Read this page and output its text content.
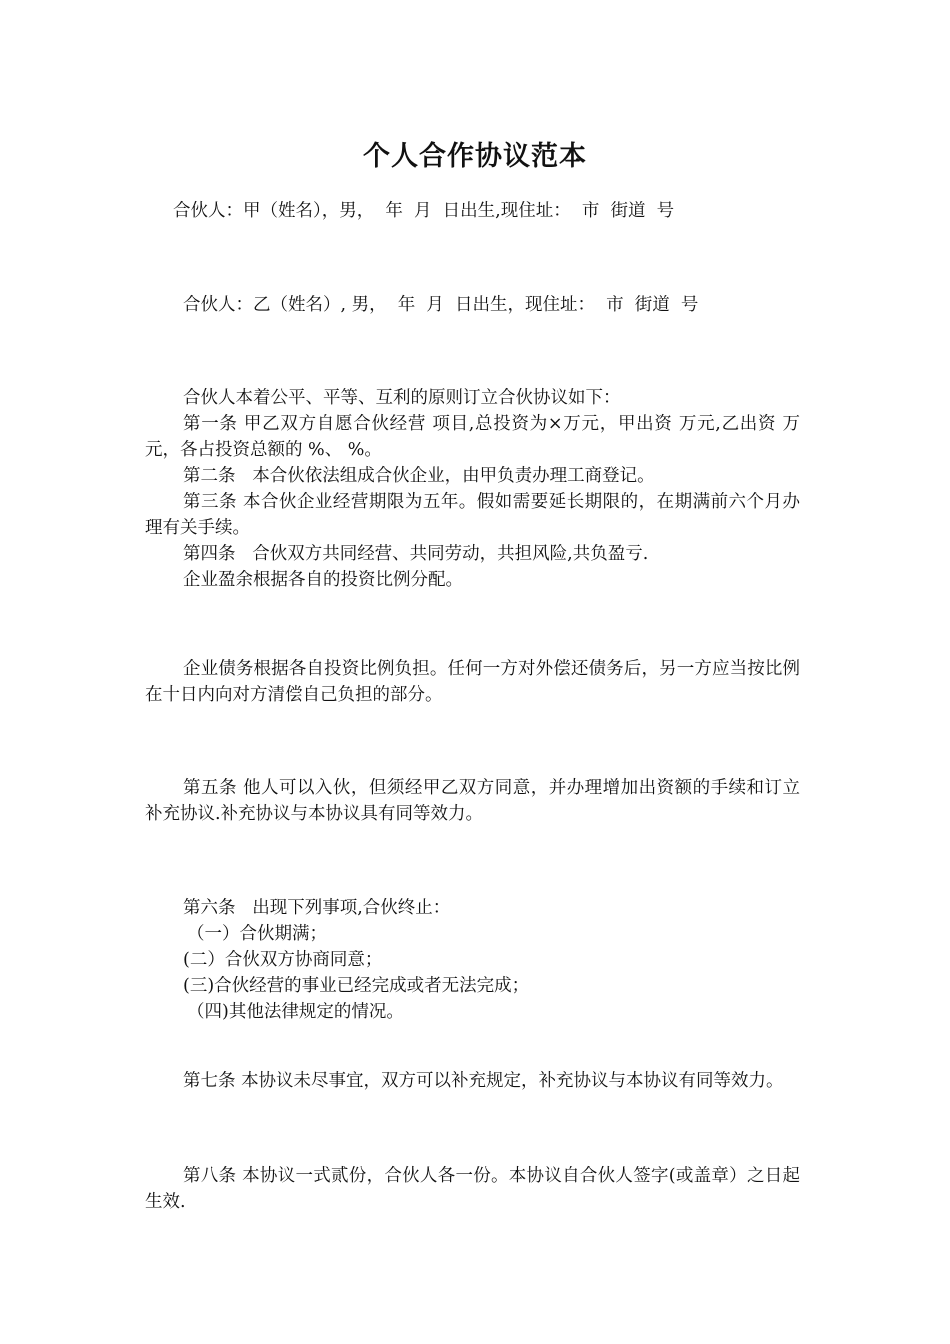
个人合作协议范本
合伙人：甲（姓名），男，  年  月  日出生,现住址：  市  街道  号
合伙人：乙（姓名）, 男，  年  月  日出生，现住址：  市  街道  号
合伙人本着公平、平等、互利的原则订立合伙协议如下：
第一条 甲乙双方自愿合伙经营 项目,总投资为×万元，甲出资 万元,乙出资 万元，各占投资总额的 %、 %。
第二条   本合伙依法组成合伙企业，由甲负责办理工商登记。
第三条 本合伙企业经营期限为五年。假如需要延长期限的，在期满前六个月办理有关手续。
第四条   合伙双方共同经营、共同劳动，共担风险,共负盈亏.
企业盈余根据各自的投资比例分配。
企业债务根据各自投资比例负担。任何一方对外偿还债务后，另一方应当按比例在十日内向对方清偿自己负担的部分。
第五条 他人可以入伙，但须经甲乙双方同意，并办理增加出资额的手续和订立补充协议.补充协议与本协议具有同等效力。
第六条   出现下列事项,合伙终止：
（一）合伙期满；
(二）合伙双方协商同意；
(三)合伙经营的事业已经完成或者无法完成；
（四)其他法律规定的情况。
第七条 本协议未尽事宜，双方可以补充规定，补充协议与本协议有同等效力。
第八条 本协议一式贰份，合伙人各一份。本协议自合伙人签字(或盖章）之日起生效.
